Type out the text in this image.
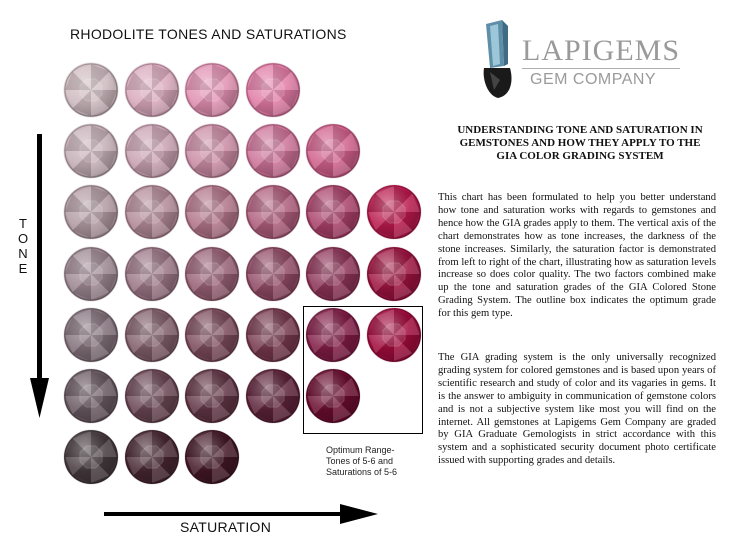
RHODOLITE TONES AND SATURATIONS
Optimum Range-
Tones of 5-6 and
Saturations of 5-6
T
O
N
E
SATURATION
LAPIGEMS
GEM COMPANY
UNDERSTANDING TONE AND SATURATION IN
GEMSTONES AND HOW THEY APPLY TO THE
GIA COLOR GRADING SYSTEM
This chart has been formulated to help you better understand how tone and saturation works with regards to gemstones and hence how the GIA grades apply to them. The vertical axis of the chart demonstrates how as tone increases, the darkness of the stone increases. Similarly, the saturation factor is demonstrated from left to right of the chart, illustrating how as saturation levels increase so does color quality. The two factors combined make up the tone and saturation grades of the GIA Colored Stone Grading System. The outline box indicates the optimum grade for this gem type.
The GIA grading system is the only universally recognized grading system for colored gemstones and is based upon years of scientific research and study of color and its vagaries in gems. It is the answer to ambiguity in communication of gemstone colors and is not a subjective system like most you will find on the internet. All gemstones at Lapigems Gem Company are graded by GIA Graduate Gemologists in strict accordance with this system and a sophisticated security document photo certificate issued with supporting grades and details.
